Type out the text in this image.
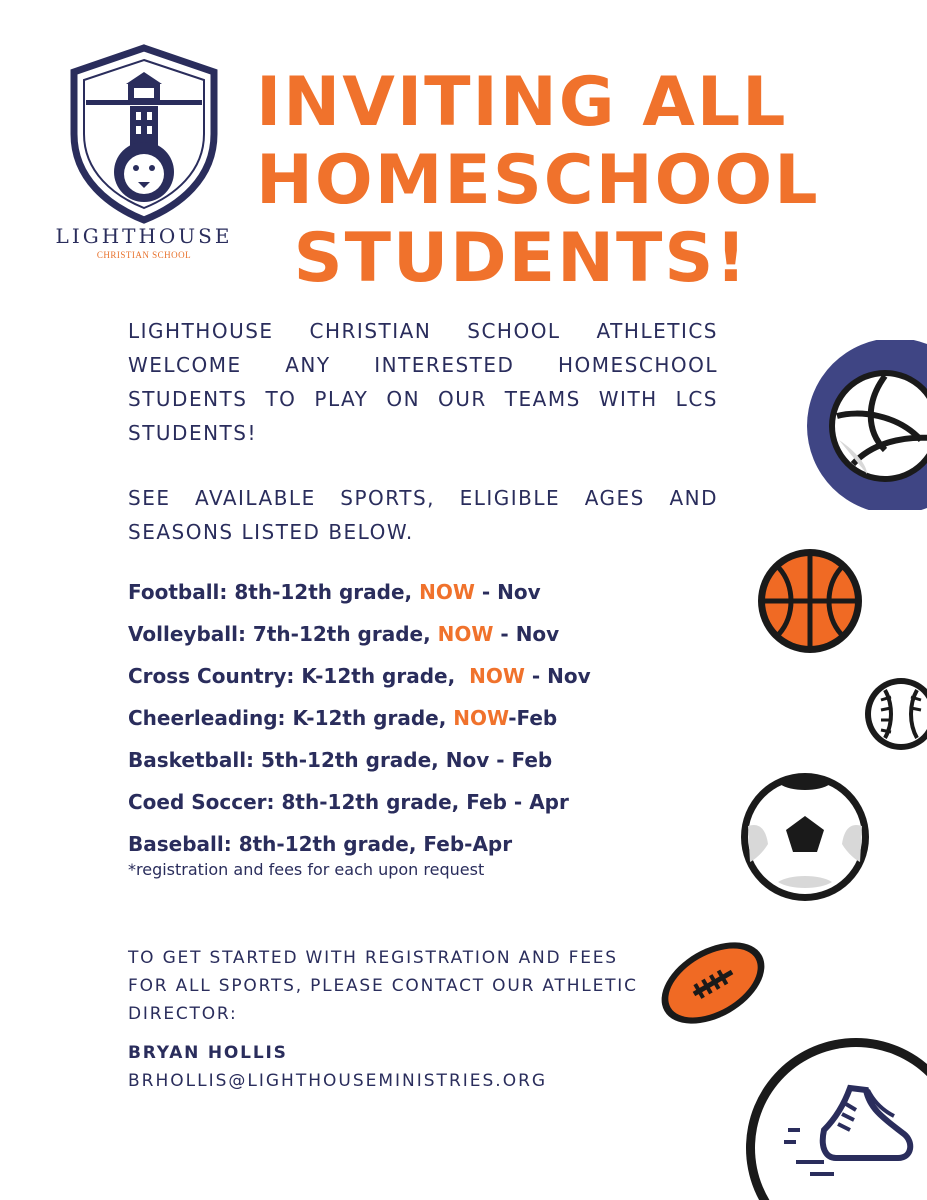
LIGHTHOUSE
CHRISTIAN SCHOOL
INVITING ALL
HOMESCHOOL
STUDENTS!

LIGHTHOUSE CHRISTIAN SCHOOL ATHLETICS WELCOME ANY INTERESTED HOMESCHOOL STUDENTS TO PLAY ON OUR TEAMS WITH LCS STUDENTS!

SEE AVAILABLE SPORTS, ELIGIBLE AGES AND SEASONS LISTED BELOW.

Football: 8th-12th grade, NOW - Nov
Volleyball: 7th-12th grade, NOW - Nov
Cross Country: K-12th grade,  NOW - Nov
Cheerleading: K-12th grade, NOW-Feb
Basketball: 5th-12th grade, Nov - Feb
Coed Soccer: 8th-12th grade, Feb - Apr
Baseball: 8th-12th grade, Feb-Apr
*registration and fees for each upon request
TO GET STARTED WITH REGISTRATION AND FEES FOR ALL SPORTS, PLEASE CONTACT OUR ATHLETIC DIRECTOR:
BRYAN HOLLIS
BRHOLLIS@LIGHTHOUSEMINISTRIES.ORG
